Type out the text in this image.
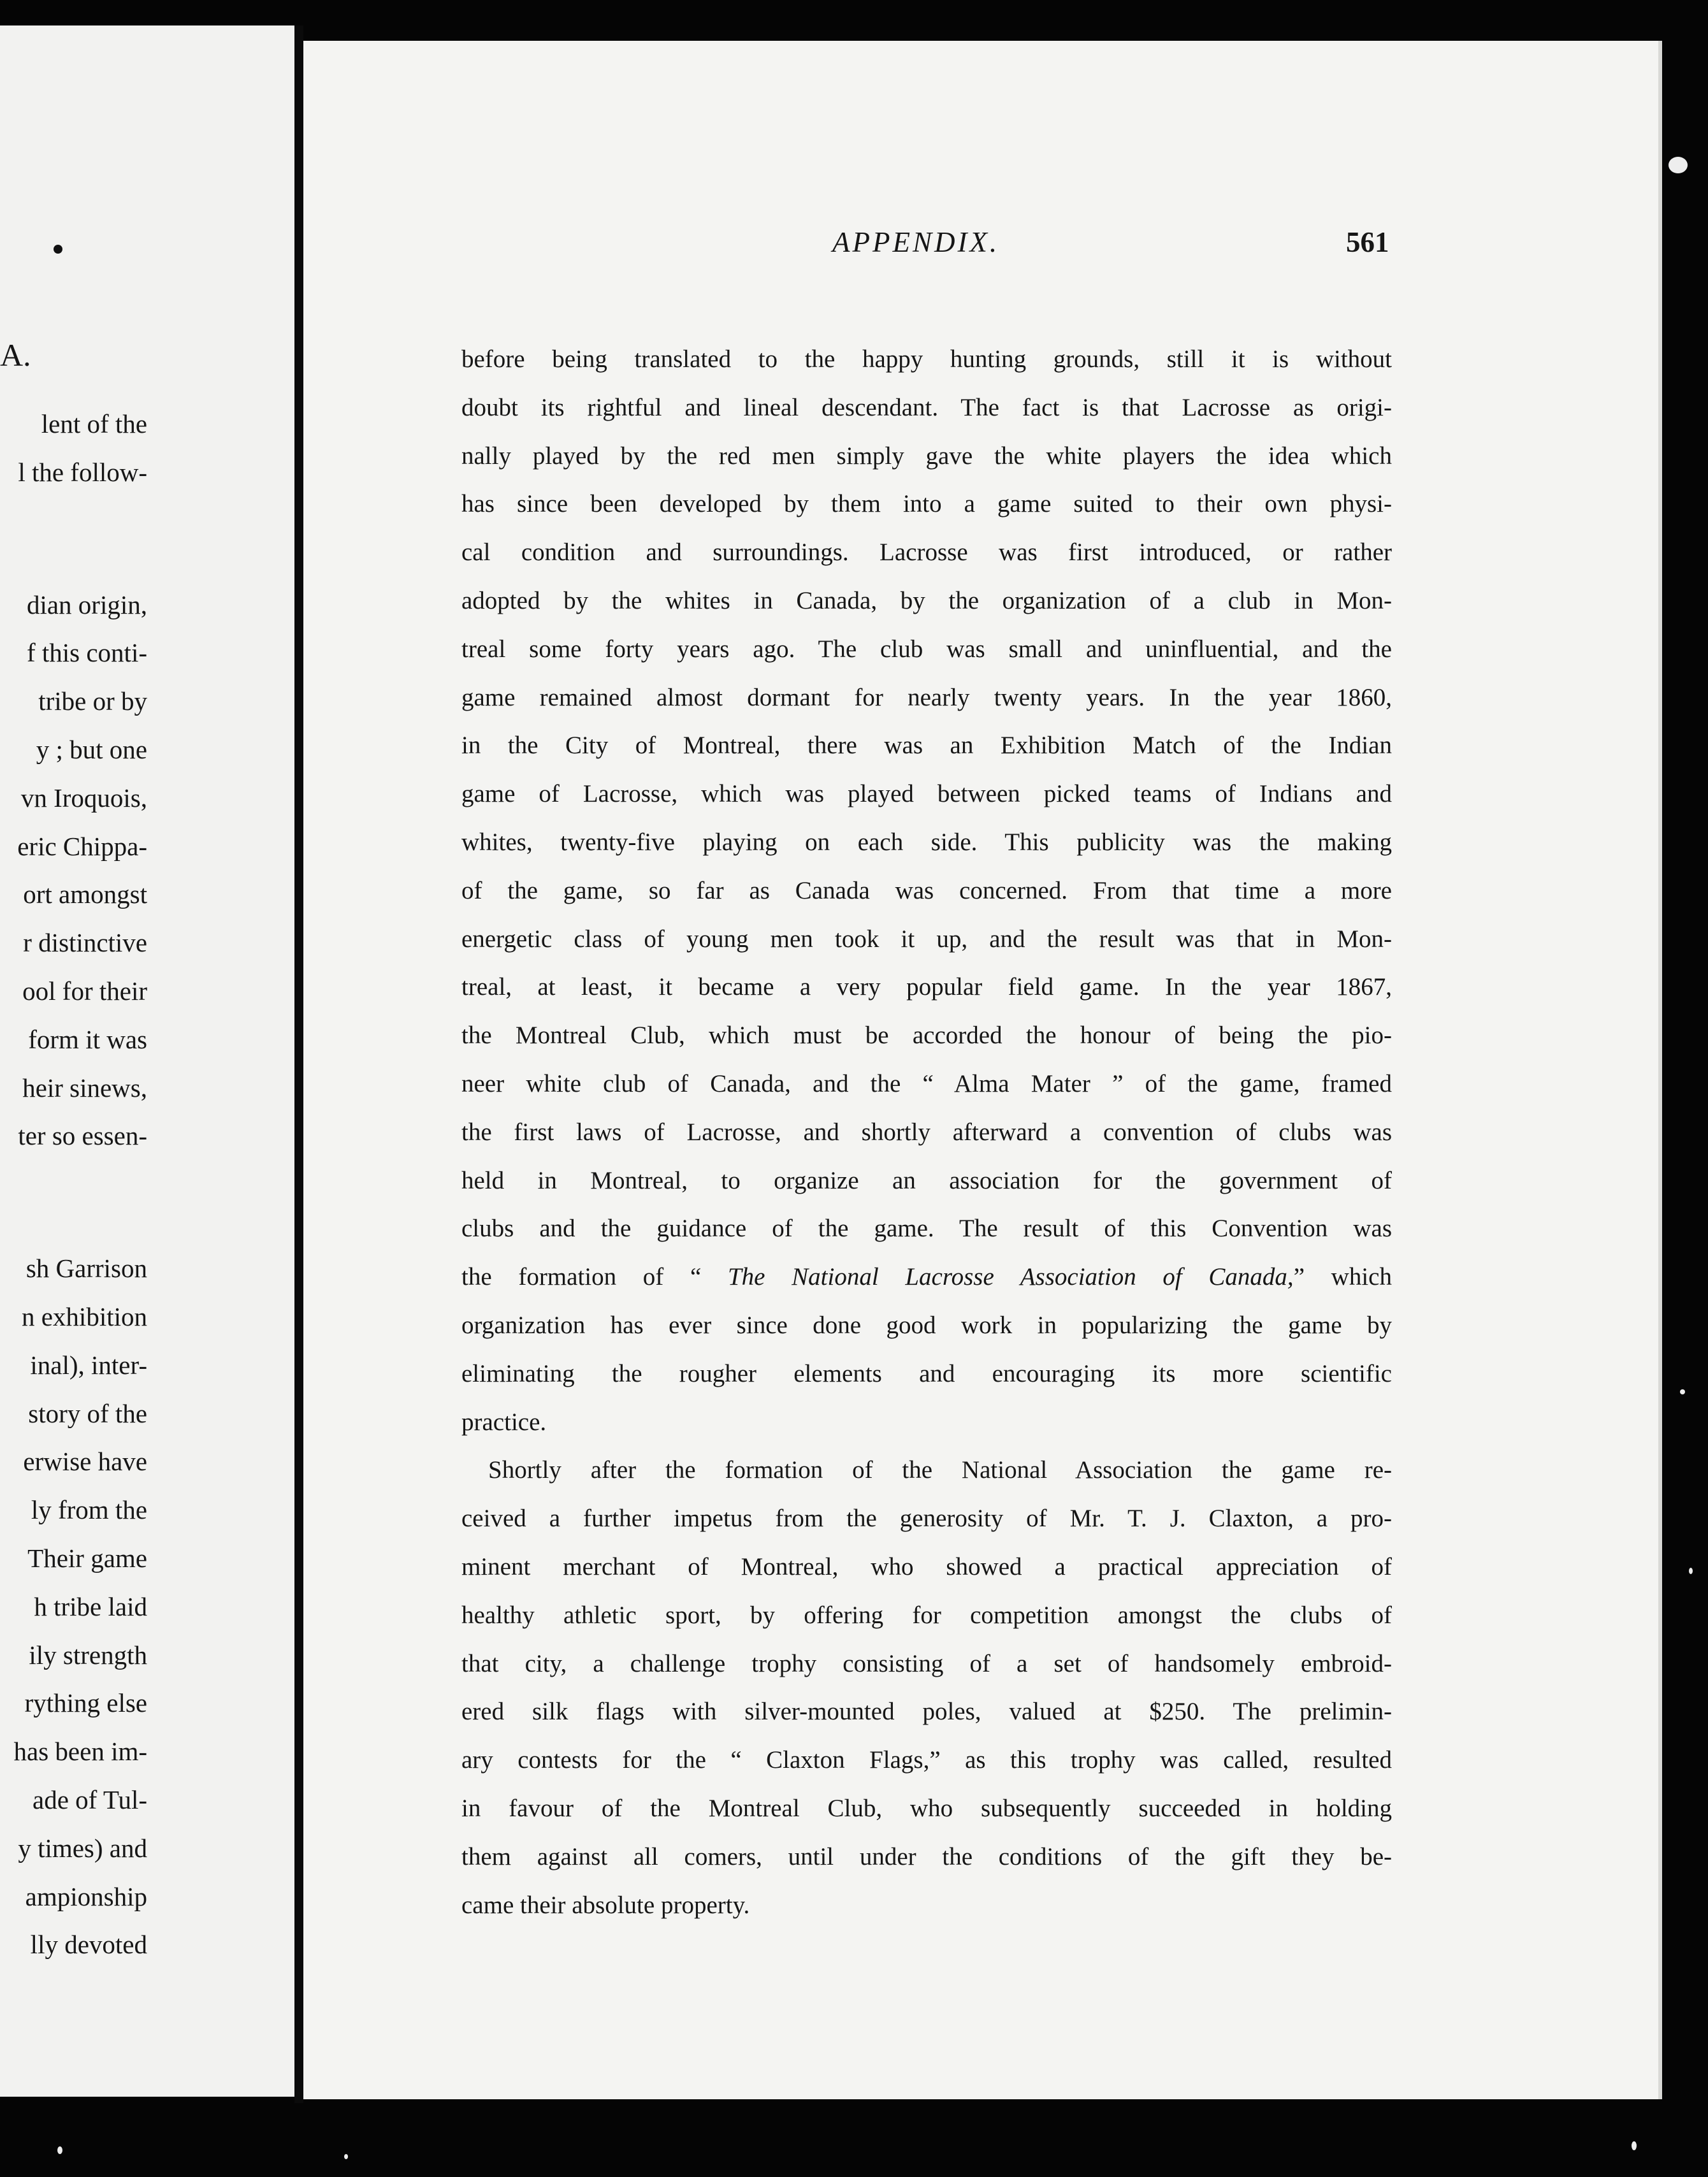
A.
lent of the
l the follow-
dian origin,
f this conti-
tribe or by
y ; but one
vn Iroquois,
eric Chippa-
ort amongst
r distinctive
ool for their
form it was
heir sinews,
ter so essen-
sh Garrison
n exhibition
inal), inter-
story of the
erwise have
ly from the
Their game
h tribe laid
ily strength
rything else
has been im-
ade of Tul-
y times) and
ampionship
lly devoted
APPENDIX.	561
before being translated to the happy hunting grounds, still it is without
doubt its rightful and lineal descendant. The fact is that Lacrosse as origi-
nally played by the red men simply gave the white players the idea which
has since been developed by them into a game suited to their own physi-
cal condition and surroundings. Lacrosse was first introduced, or rather
adopted by the whites in Canada, by the organization of a club in Mon-
treal some forty years ago. The club was small and uninfluential, and the
game remained almost dormant for nearly twenty years. In the year 1860,
in the City of Montreal, there was an Exhibition Match of the Indian
game of Lacrosse, which was played between picked teams of Indians and
whites, twenty-five playing on each side. This publicity was the making
of the game, so far as Canada was concerned. From that time a more
energetic class of young men took it up, and the result was that in Mon-
treal, at least, it became a very popular field game. In the year 1867,
the Montreal Club, which must be accorded the honour of being the pio-
neer white club of Canada, and the “ Alma Mater ” of the game, framed
the first laws of Lacrosse, and shortly afterward a convention of clubs was
held in Montreal, to organize an association for the government of
clubs and the guidance of the game. The result of this Convention was
the formation of “ The National Lacrosse Association of Canada,” which
organization has ever since done good work in popularizing the game by
eliminating the rougher elements and encouraging its more scientific
practice.
Shortly after the formation of the National Association the game re-
ceived a further impetus from the generosity of Mr. T. J. Claxton, a pro-
minent merchant of Montreal, who showed a practical appreciation of
healthy athletic sport, by offering for competition amongst the clubs of
that city, a challenge trophy consisting of a set of handsomely embroid-
ered silk flags with silver-mounted poles, valued at $250. The prelimin-
ary contests for the “ Claxton Flags,” as this trophy was called, resulted
in favour of the Montreal Club, who subsequently succeeded in holding
them against all comers, until under the conditions of the gift they be-
came their absolute property.
